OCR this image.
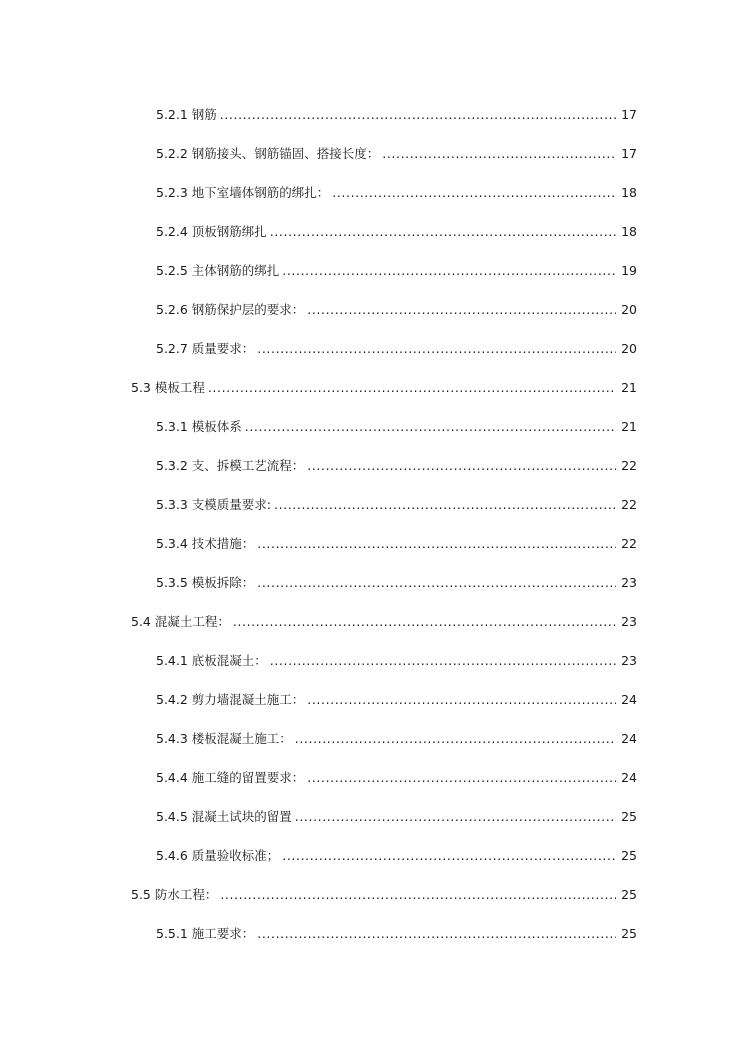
5.2.1 钢筋 .....	17
5.2.2 钢筋接头、钢筋锚固、搭接长度： .....	17
5.2.3 地下室墙体钢筋的绑扎： .....	18
5.2.4 顶板钢筋绑扎 .....	18
5.2.5 主体钢筋的绑扎 .....	19
5.2.6 钢筋保护层的要求： .....	20
5.2.7 质量要求： .....	20
5.3 模板工程 .....	21
5.3.1 模板体系 .....	21
5.3.2 支、拆模工艺流程： .....	22
5.3.3 支模质量要求: .....	22
5.3.4 技术措施： .....	22
5.3.5 模板拆除： .....	23
5.4 混凝土工程： .....	23
5.4.1 底板混凝土： .....	23
5.4.2 剪力墙混凝土施工： .....	24
5.4.3 楼板混凝土施工： .....	24
5.4.4 施工缝的留置要求： .....	24
5.4.5 混凝土试块的留置 .....	25
5.4.6 质量验收标准； .....	25
5.5 防水工程： .....	25
5.5.1 施工要求： .....	25
